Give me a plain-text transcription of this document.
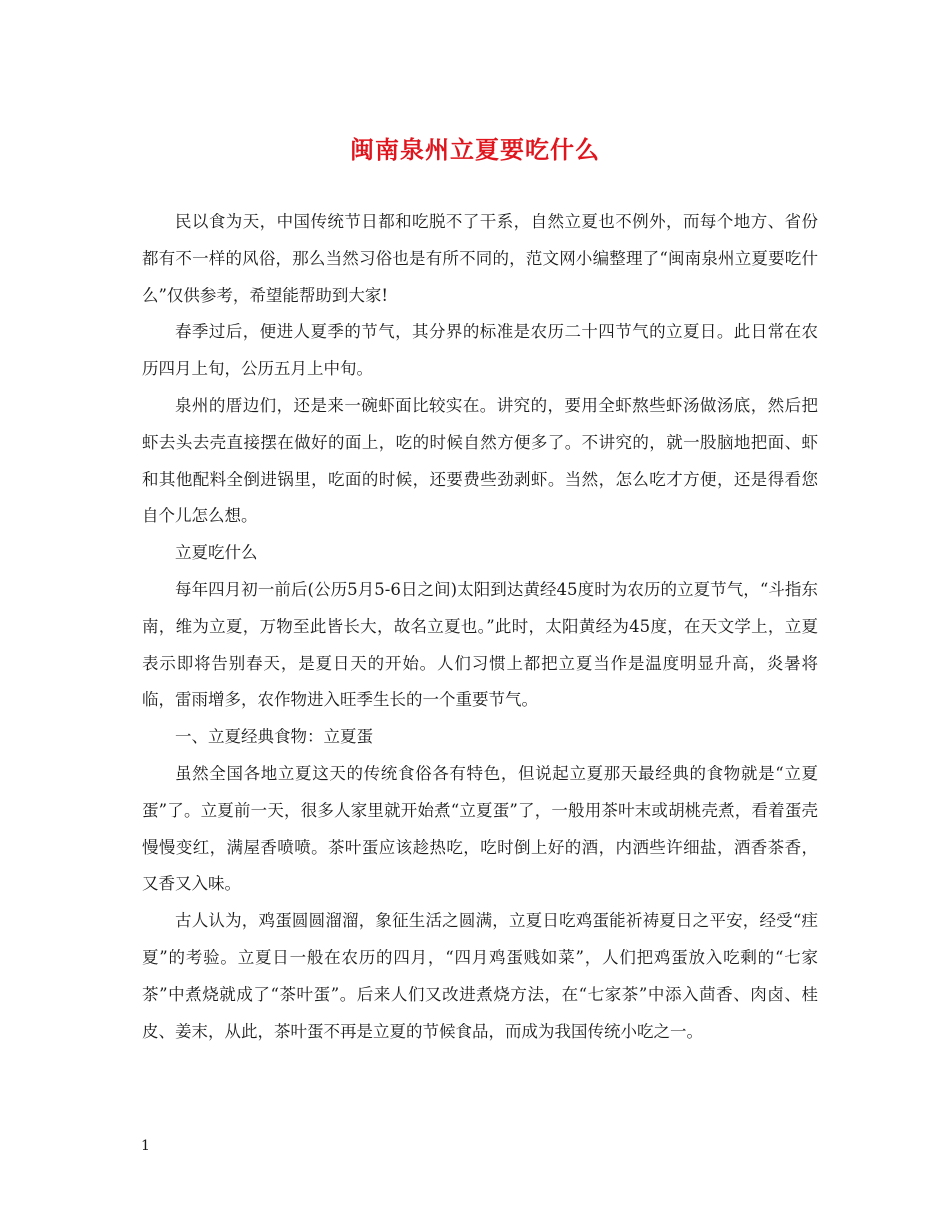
闽南泉州立夏要吃什么

民以食为天，中国传统节日都和吃脱不了干系，自然立夏也不例外，而每个地方、省份都有不一样的风俗，那么当然习俗也是有所不同的，范文网小编整理了“闽南泉州立夏要吃什么”仅供参考，希望能帮助到大家!

春季过后，便进人夏季的节气，其分界的标准是农历二十四节气的立夏日。此日常在农历四月上旬，公历五月上中旬。

泉州的厝边们，还是来一碗虾面比较实在。讲究的，要用全虾熬些虾汤做汤底，然后把虾去头去壳直接摆在做好的面上，吃的时候自然方便多了。不讲究的，就一股脑地把面、虾和其他配料全倒进锅里，吃面的时候，还要费些劲剥虾。当然，怎么吃才方便，还是得看您自个儿怎么想。

立夏吃什么

每年四月初一前后(公历5月5-6日之间)太阳到达黄经45度时为农历的立夏节气，“斗指东南，维为立夏，万物至此皆长大，故名立夏也。”此时，太阳黄经为45度，在天文学上，立夏表示即将告别春天，是夏日天的开始。人们习惯上都把立夏当作是温度明显升高，炎暑将临，雷雨增多，农作物进入旺季生长的一个重要节气。

一、立夏经典食物：立夏蛋

虽然全国各地立夏这天的传统食俗各有特色，但说起立夏那天最经典的食物就是“立夏蛋”了。立夏前一天，很多人家里就开始煮“立夏蛋”了，一般用茶叶末或胡桃壳煮，看着蛋壳慢慢变红，满屋香喷喷。茶叶蛋应该趁热吃，吃时倒上好的酒，内洒些许细盐，酒香茶香，又香又入味。

古人认为，鸡蛋圆圆溜溜，象征生活之圆满，立夏日吃鸡蛋能祈祷夏日之平安，经受“疰夏”的考验。立夏日一般在农历的四月，“四月鸡蛋贱如菜”，人们把鸡蛋放入吃剩的“七家茶”中煮烧就成了“茶叶蛋”。后来人们又改进煮烧方法，在“七家茶”中添入茴香、肉卤、桂皮、姜末，从此，茶叶蛋不再是立夏的节候食品，而成为我国传统小吃之一。

1
